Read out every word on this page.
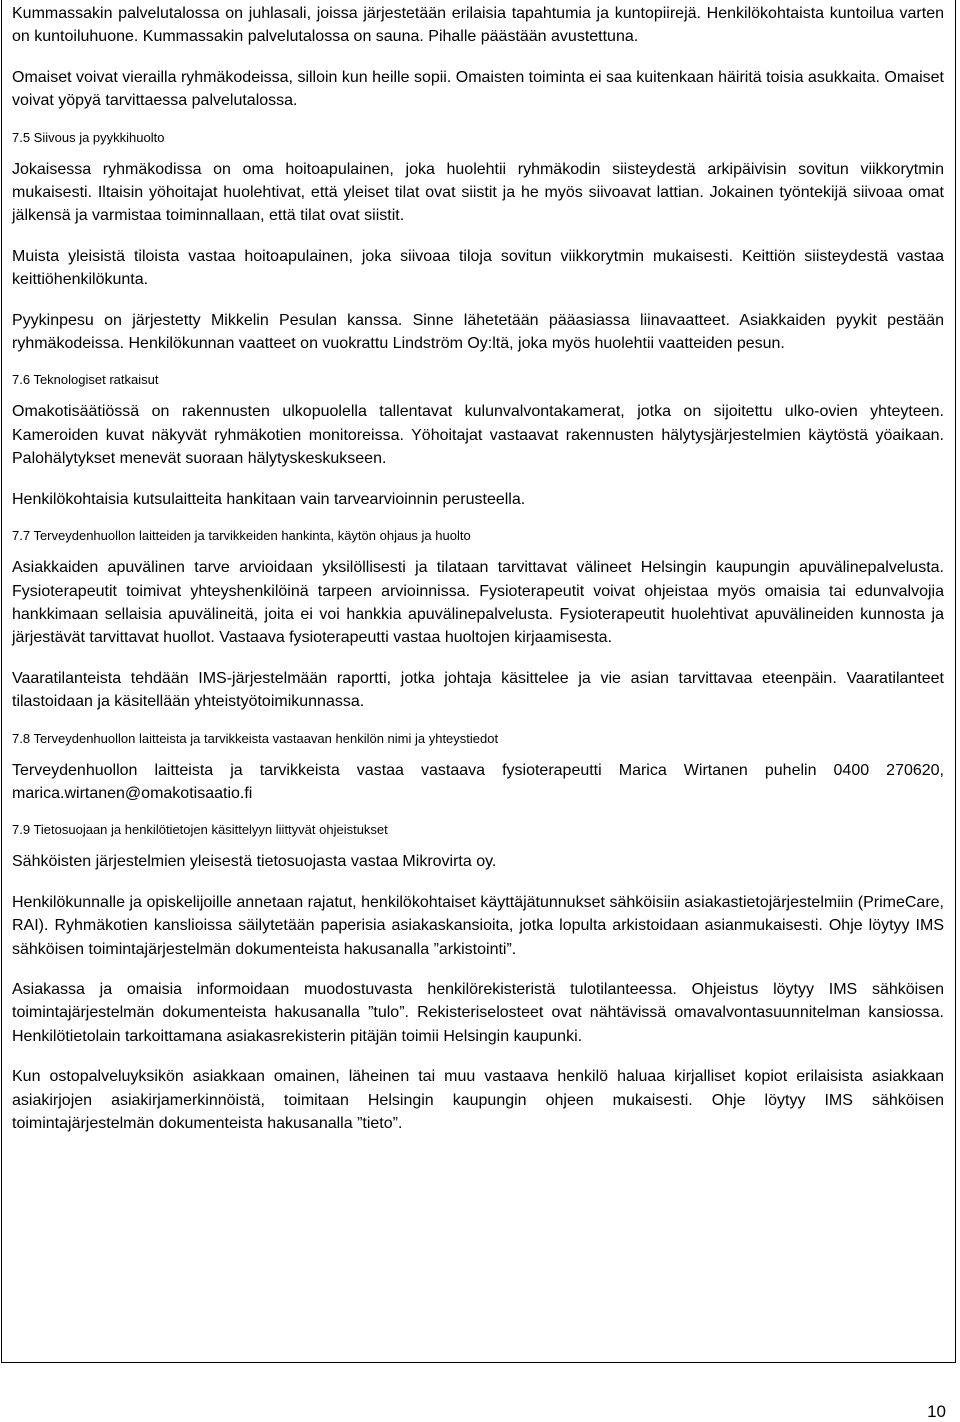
Kummassakin palvelutalossa on juhlasali, joissa järjestetään erilaisia tapahtumia ja kuntopiirejä. Henkilökohtaista kuntoilua varten on kuntoiluhuone. Kummassakin palvelutalossa on sauna. Pihalle päästään avustettuna.

Omaiset voivat vierailla ryhmäkodeissa, silloin kun heille sopii. Omaisten toiminta ei saa kuitenkaan häiritä toisia asukkaita. Omaiset voivat yöpyä tarvittaessa palvelutalossa.

7.5 Siivous ja pyykkihuolto

Jokaisessa ryhmäkodissa on oma hoitoapulainen, joka huolehtii ryhmäkodin siisteydestä arkipäivisin sovitun viikkorytmin mukaisesti. Iltaisin yöhoitajat huolehtivat, että yleiset tilat ovat siistit ja he myös siivoavat lattian. Jokainen työntekijä siivoaa omat jälkensä ja varmistaa toiminnallaan, että tilat ovat siistit.

Muista yleisistä tiloista vastaa hoitoapulainen, joka siivoaa tiloja sovitun viikkorytmin mukaisesti. Keittiön siisteydestä vastaa keittiöhenkilökunta.

Pyykinpesu on järjestetty Mikkelin Pesulan kanssa. Sinne lähetetään pääasiassa liinavaatteet. Asiakkaiden pyykit pestään ryhmäkodeissa. Henkilökunnan vaatteet on vuokrattu Lindström Oy:ltä, joka myös huolehtii vaatteiden pesun.

7.6 Teknologiset ratkaisut

Omakotisäätiössä on rakennusten ulkopuolella tallentavat kulunvalvontakamerat, jotka on sijoitettu ulko-ovien yhteyteen. Kameroiden kuvat näkyvät ryhmäkotien monitoreissa. Yöhoitajat vastaavat rakennusten hälytysjärjestelmien käytöstä yöaikaan. Palohälytykset menevät suoraan hälytyskeskukseen.

Henkilökohtaisia kutsulaitteita hankitaan vain tarvearvioinnin perusteella.

7.7 Terveydenhuollon laitteiden ja tarvikkeiden hankinta, käytön ohjaus ja huolto

Asiakkaiden apuvälinen tarve arvioidaan yksilöllisesti ja tilataan tarvittavat välineet Helsingin kaupungin apuvälinepalvelusta. Fysioterapeutit toimivat yhteyshenkilöinä tarpeen arvioinnissa. Fysioterapeutit voivat ohjeistaa myös omaisia tai edunvalvojia hankkimaan sellaisia apuvälineitä, joita ei voi hankkia apuvälinepalvelusta. Fysioterapeutit huolehtivat apuvälineiden kunnosta ja järjestävät tarvittavat huollot. Vastaava fysioterapeutti vastaa huoltojen kirjaamisesta.

Vaaratilanteista tehdään IMS-järjestelmään raportti, jotka johtaja käsittelee ja vie asian tarvittavaa eteenpäin. Vaaratilanteet tilastoidaan ja käsitellään yhteistyötoimikunnassa.

7.8 Terveydenhuollon laitteista ja tarvikkeista vastaavan henkilön nimi ja yhteystiedot

Terveydenhuollon laitteista ja tarvikkeista vastaa vastaava fysioterapeutti Marica Wirtanen puhelin 0400 270620, marica.wirtanen@omakotisaatio.fi

7.9 Tietosuojaan ja henkilötietojen käsittelyyn liittyvät ohjeistukset

Sähköisten järjestelmien yleisestä tietosuojasta vastaa Mikrovirta oy.

Henkilökunnalle ja opiskelijoille annetaan rajatut, henkilökohtaiset käyttäjätunnukset sähköisiin asiakastietojärjestelmiin (PrimeCare, RAI). Ryhmäkotien kanslioissa säilytetään paperisia asiakaskansioita, jotka lopulta arkistoidaan asianmukaisesti. Ohje löytyy IMS sähköisen toimintajärjestelmän dokumenteista hakusanalla ”arkistointi”.

Asiakassa ja omaisia informoidaan muodostuvasta henkilörekisteristä tulotilanteessa. Ohjeistus löytyy IMS sähköisen toimintajärjestelmän dokumenteista hakusanalla ”tulo”. Rekisteriselosteet ovat nähtävissä omavalvontasuunnitelman kansiossa. Henkilötietolain tarkoittamana asiakasrekisterin pitäjän toimii Helsingin kaupunki.

Kun ostopalveluyksikön asiakkaan omainen, läheinen tai muu vastaava henkilö haluaa kirjalliset kopiot erilaisista asiakkaan asiakirjojen asiakirjamerkinnöistä, toimitaan Helsingin kaupungin ohjeen mukaisesti. Ohje löytyy IMS sähköisen toimintajärjestelmän dokumenteista hakusanalla ”tieto”.

10
